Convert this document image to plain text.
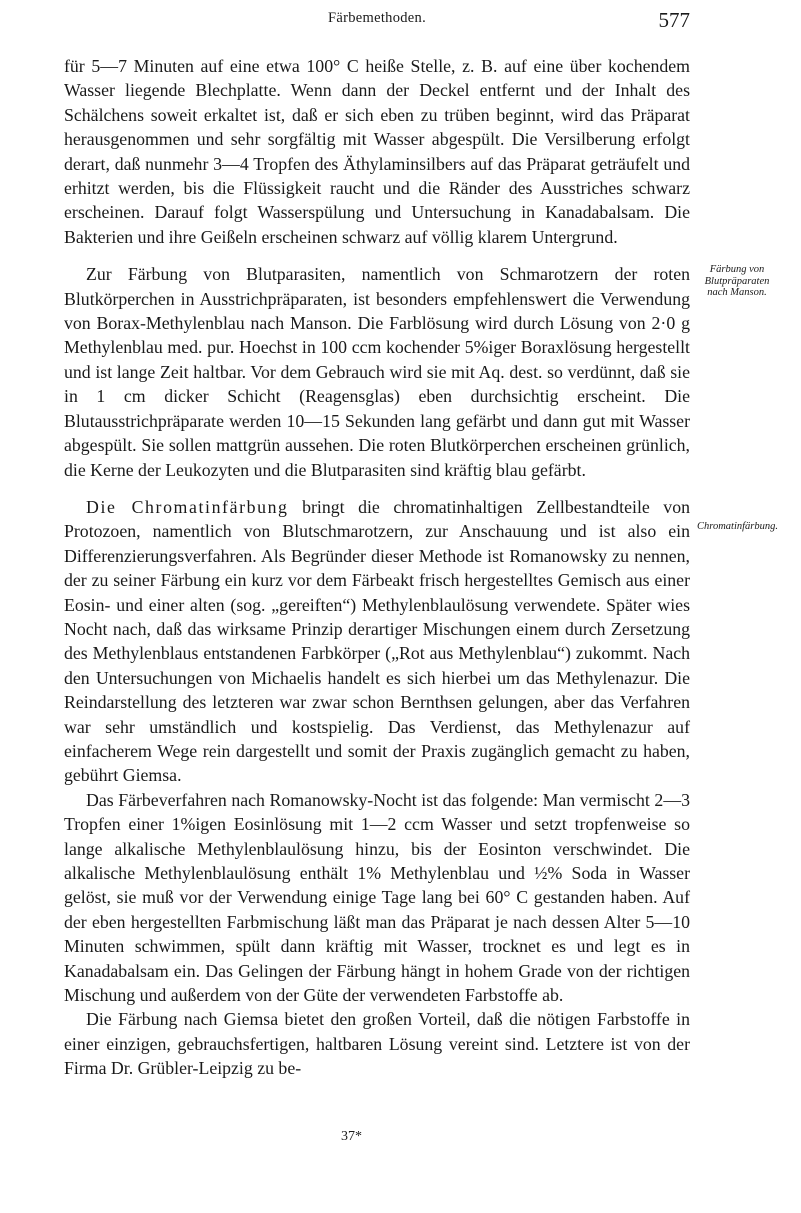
Färbemethoden.	577

für 5—7 Minuten auf eine etwa 100° C heiße Stelle, z. B. auf eine über kochendem Wasser liegende Blechplatte. Wenn dann der Deckel entfernt und der Inhalt des Schälchens soweit erkaltet ist, daß er sich eben zu trüben beginnt, wird das Präparat herausgenommen und sehr sorgfältig mit Wasser abgespült. Die Versilberung erfolgt derart, daß nunmehr 3—4 Tropfen des Äthylaminsilbers auf das Präparat geträufelt und erhitzt werden, bis die Flüssigkeit raucht und die Ränder des Ausstriches schwarz erscheinen. Darauf folgt Wasserspülung und Untersuchung in Kanadabalsam. Die Bakterien und ihre Geißeln erscheinen schwarz auf völlig klarem Untergrund.

Zur Färbung von Blutparasiten, namentlich von Schmarotzern der roten Blutkörperchen in Ausstrichpräparaten, ist besonders empfehlenswert die Verwendung von Borax-Methylenblau nach Manson. Die Farblösung wird durch Lösung von 2·0 g Methylenblau med. pur. Hoechst in 100 ccm kochender 5%iger Boraxlösung hergestellt und ist lange Zeit haltbar. Vor dem Gebrauch wird sie mit Aq. dest. so verdünnt, daß sie in 1 cm dicker Schicht (Reagensglas) eben durchsichtig erscheint. Die Blutausstrichpräparate werden 10—15 Sekunden lang gefärbt und dann gut mit Wasser abgespült. Sie sollen mattgrün aussehen. Die roten Blutkörperchen erscheinen grünlich, die Kerne der Leukozyten und die Blutparasiten sind kräftig blau gefärbt.

Die Chromatinfärbung bringt die chromatinhaltigen Zellbestandteile von Protozoen, namentlich von Blutschmarotzern, zur Anschauung und ist also ein Differenzierungsverfahren. Als Begründer dieser Methode ist Romanowsky zu nennen, der zu seiner Färbung ein kurz vor dem Färbeakt frisch hergestelltes Gemisch aus einer Eosin- und einer alten (sog. „gereiften“) Methylenblaulösung verwendete. Später wies Nocht nach, daß das wirksame Prinzip derartiger Mischungen einem durch Zersetzung des Methylenblaus entstandenen Farbkörper („Rot aus Methylenblau“) zukommt. Nach den Untersuchungen von Michaelis handelt es sich hierbei um das Methylenazur. Die Reindarstellung des letzteren war zwar schon Bernthsen gelungen, aber das Verfahren war sehr umständlich und kostspielig. Das Verdienst, das Methylenazur auf einfacherem Wege rein dargestellt und somit der Praxis zugänglich gemacht zu haben, gebührt Giemsa.

Das Färbeverfahren nach Romanowsky-Nocht ist das folgende: Man vermischt 2—3 Tropfen einer 1%igen Eosinlösung mit 1—2 ccm Wasser und setzt tropfenweise so lange alkalische Methylenblaulösung hinzu, bis der Eosinton verschwindet. Die alkalische Methylenblaulösung enthält 1% Methylenblau und ½% Soda in Wasser gelöst, sie muß vor der Verwendung einige Tage lang bei 60° C gestanden haben. Auf der eben hergestellten Farbmischung läßt man das Präparat je nach dessen Alter 5—10 Minuten schwimmen, spült dann kräftig mit Wasser, trocknet es und legt es in Kanadabalsam ein. Das Gelingen der Färbung hängt in hohem Grade von der richtigen Mischung und außerdem von der Güte der verwendeten Farbstoffe ab.

Die Färbung nach Giemsa bietet den großen Vorteil, daß die nötigen Farbstoffe in einer einzigen, gebrauchsfertigen, haltbaren Lösung vereint sind. Letztere ist von der Firma Dr. Grübler-Leipzig zu be-

Färbung von Blutpräparaten nach Manson.
Chromatinfärbung.
37*
